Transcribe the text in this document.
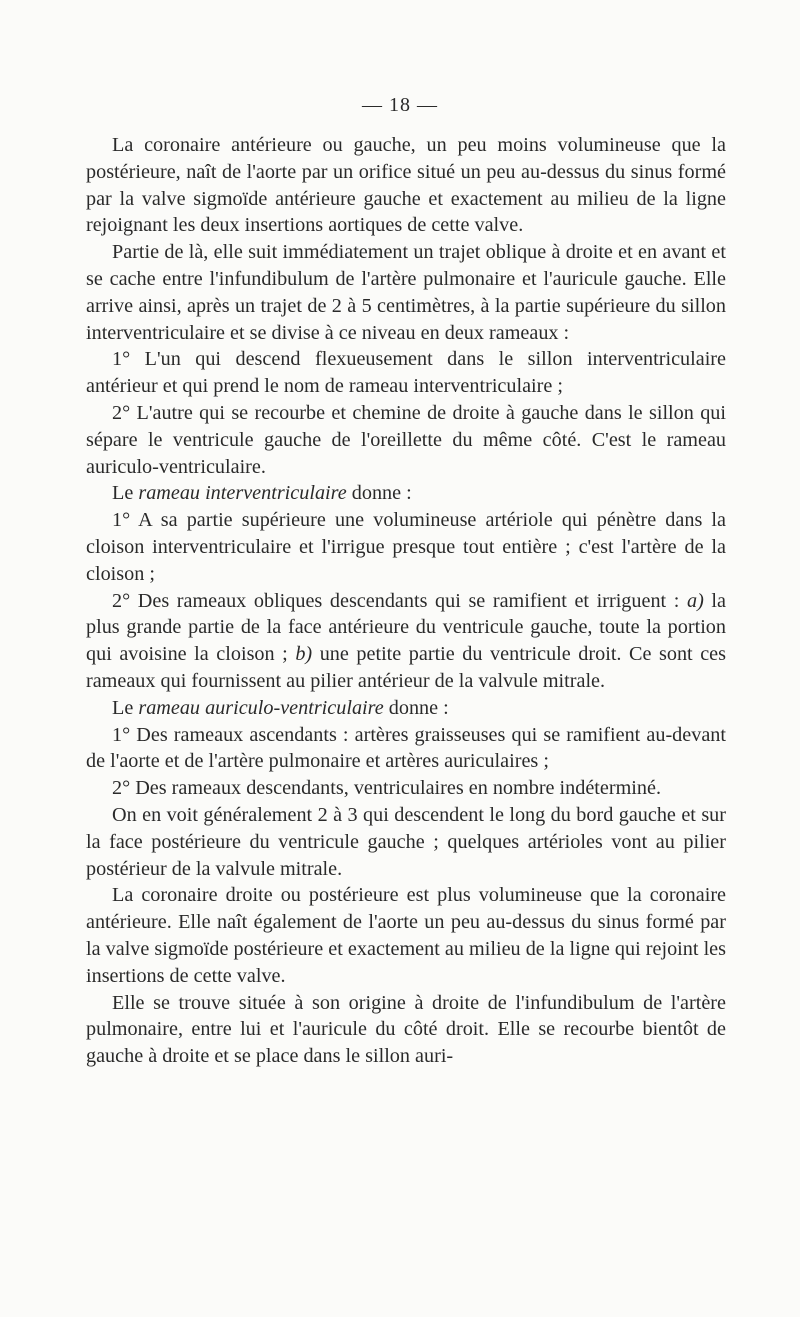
— 18 —

La coronaire antérieure ou gauche, un peu moins volumineuse que la postérieure, naît de l'aorte par un orifice situé un peu au-dessus du sinus formé par la valve sigmoïde antérieure gauche et exactement au milieu de la ligne rejoignant les deux insertions aortiques de cette valve.

Partie de là, elle suit immédiatement un trajet oblique à droite et en avant et se cache entre l'infundibulum de l'artère pulmonaire et l'auricule gauche. Elle arrive ainsi, après un trajet de 2 à 5 centimètres, à la partie supérieure du sillon interventriculaire et se divise à ce niveau en deux rameaux :

1° L'un qui descend flexueusement dans le sillon interventriculaire antérieur et qui prend le nom de rameau interventriculaire ;

2° L'autre qui se recourbe et chemine de droite à gauche dans le sillon qui sépare le ventricule gauche de l'oreillette du même côté. C'est le rameau auriculo-ventriculaire.

Le rameau interventriculaire donne :

1° A sa partie supérieure une volumineuse artériole qui pénètre dans la cloison interventriculaire et l'irrigue presque tout entière ; c'est l'artère de la cloison ;

2° Des rameaux obliques descendants qui se ramifient et irriguent : a) la plus grande partie de la face antérieure du ventricule gauche, toute la portion qui avoisine la cloison ; b) une petite partie du ventricule droit. Ce sont ces rameaux qui fournissent au pilier antérieur de la valvule mitrale.

Le rameau auriculo-ventriculaire donne :

1° Des rameaux ascendants : artères graisseuses qui se ramifient au-devant de l'aorte et de l'artère pulmonaire et artères auriculaires ;

2° Des rameaux descendants, ventriculaires en nombre indéterminé.

On en voit généralement 2 à 3 qui descendent le long du bord gauche et sur la face postérieure du ventricule gauche ; quelques artérioles vont au pilier postérieur de la valvule mitrale.

La coronaire droite ou postérieure est plus volumineuse que la coronaire antérieure. Elle naît également de l'aorte un peu au-dessus du sinus formé par la valve sigmoïde postérieure et exactement au milieu de la ligne qui rejoint les insertions de cette valve.

Elle se trouve située à son origine à droite de l'infundibulum de l'artère pulmonaire, entre lui et l'auricule du côté droit. Elle se recourbe bientôt de gauche à droite et se place dans le sillon auri-
